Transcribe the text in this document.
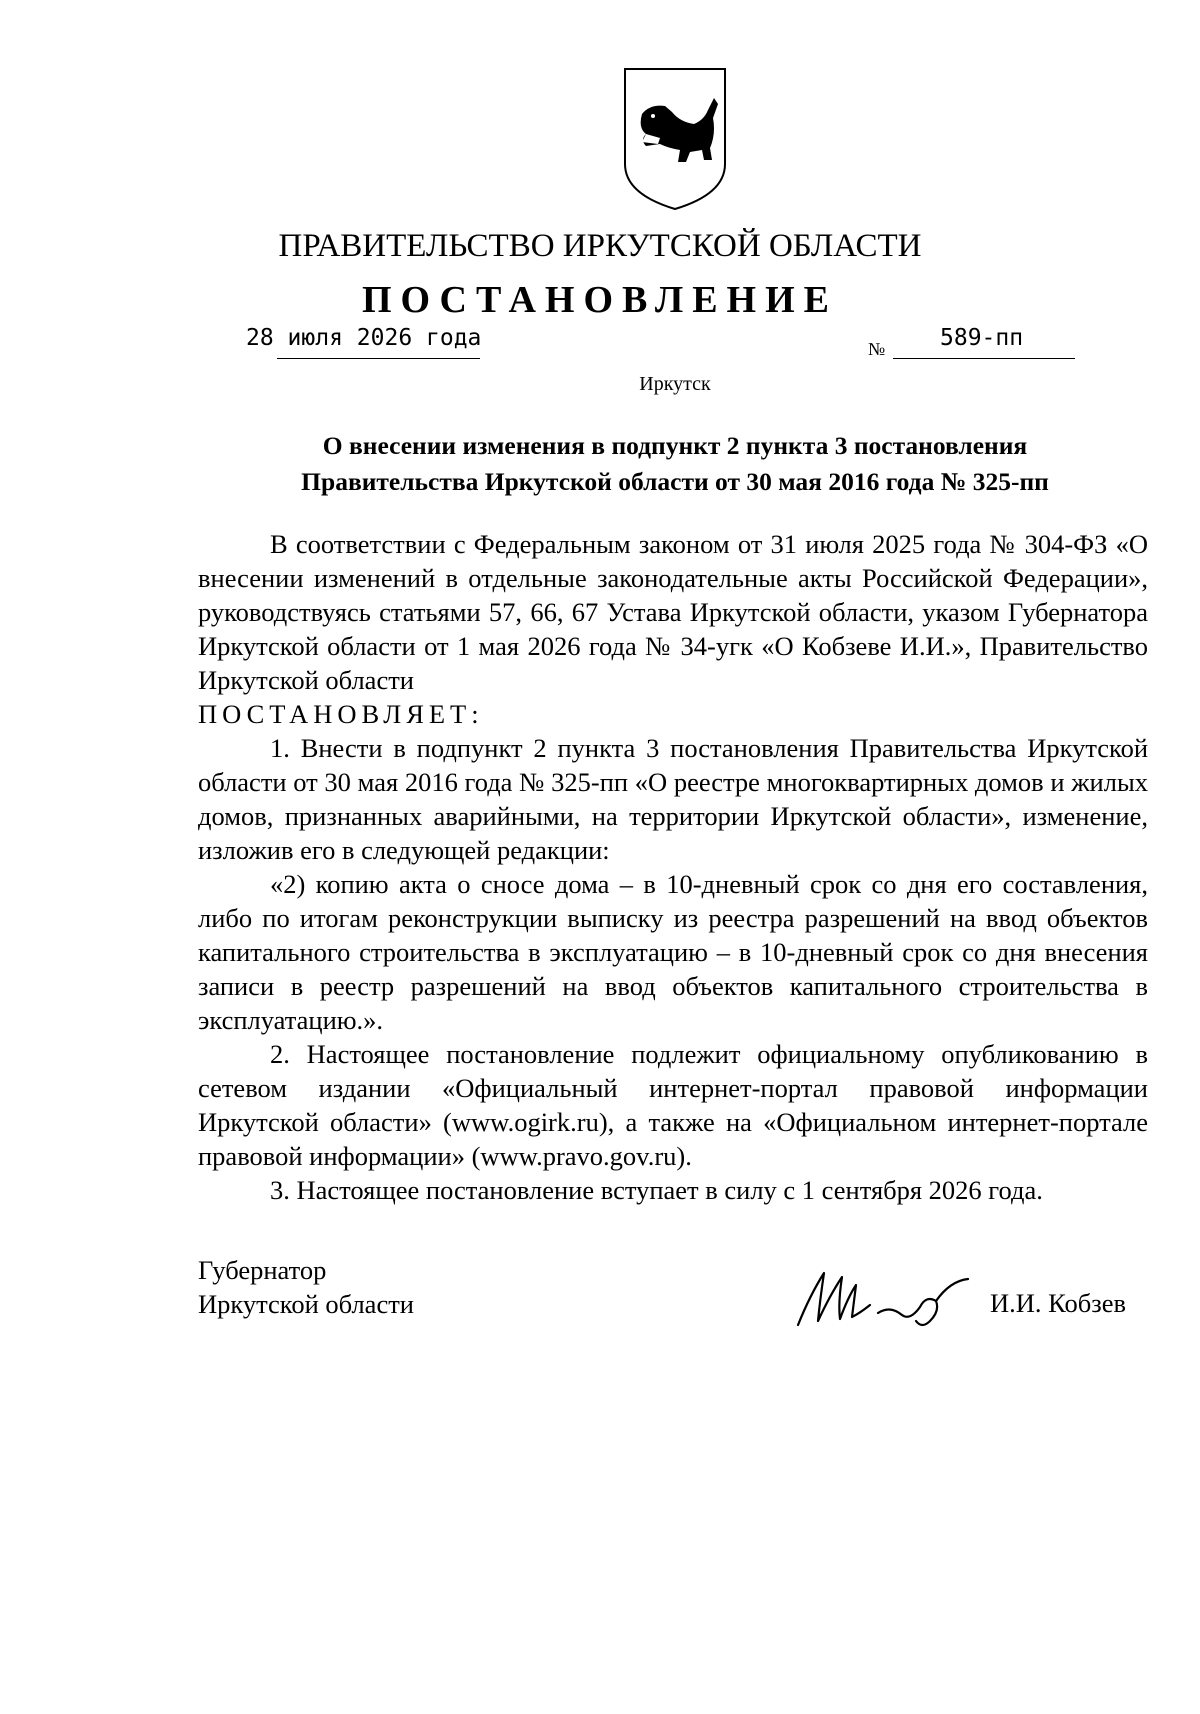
ПРАВИТЕЛЬСТВО ИРКУТСКОЙ ОБЛАСТИ
ПОСТАНОВЛЕНИЕ
28 июля 2026 года	№ 589-пп
Иркутск
О внесении изменения в подпункт 2 пункта 3 постановления
Правительства Иркутской области от 30 мая 2016 года № 325-пп

В соответствии с Федеральным законом от 31 июля 2025 года № 304-ФЗ «О внесении изменений в отдельные законодательные акты Российской Федерации», руководствуясь статьями 57, 66, 67 Устава Иркутской области, указом Губернатора Иркутской области от 1 мая 2026 года № 34-угк «О Кобзеве И.И.», Правительство Иркутской области

ПОСТАНОВЛЯЕТ:

1. Внести в подпункт 2 пункта 3 постановления Правительства Иркутской области от 30 мая 2016 года № 325-пп «О реестре многоквартирных домов и жилых домов, признанных аварийными, на территории Иркутской области», изменение, изложив его в следующей редакции:

«2) копию акта о сносе дома – в 10-дневный срок со дня его составления, либо по итогам реконструкции выписку из реестра разрешений на ввод объектов капитального строительства в эксплуатацию – в 10-дневный срок со дня внесения записи в реестр разрешений на ввод объектов капитального строительства в эксплуатацию.».

2. Настоящее постановление подлежит официальному опубликованию в сетевом издании «Официальный интернет-портал правовой информации Иркутской области» (www.ogirk.ru), а также на «Официальном интернет-портале правовой информации» (www.pravo.gov.ru).

3. Настоящее постановление вступает в силу с 1 сентября 2026 года.

Губернатор
Иркутской области	И.И. Кобзев
